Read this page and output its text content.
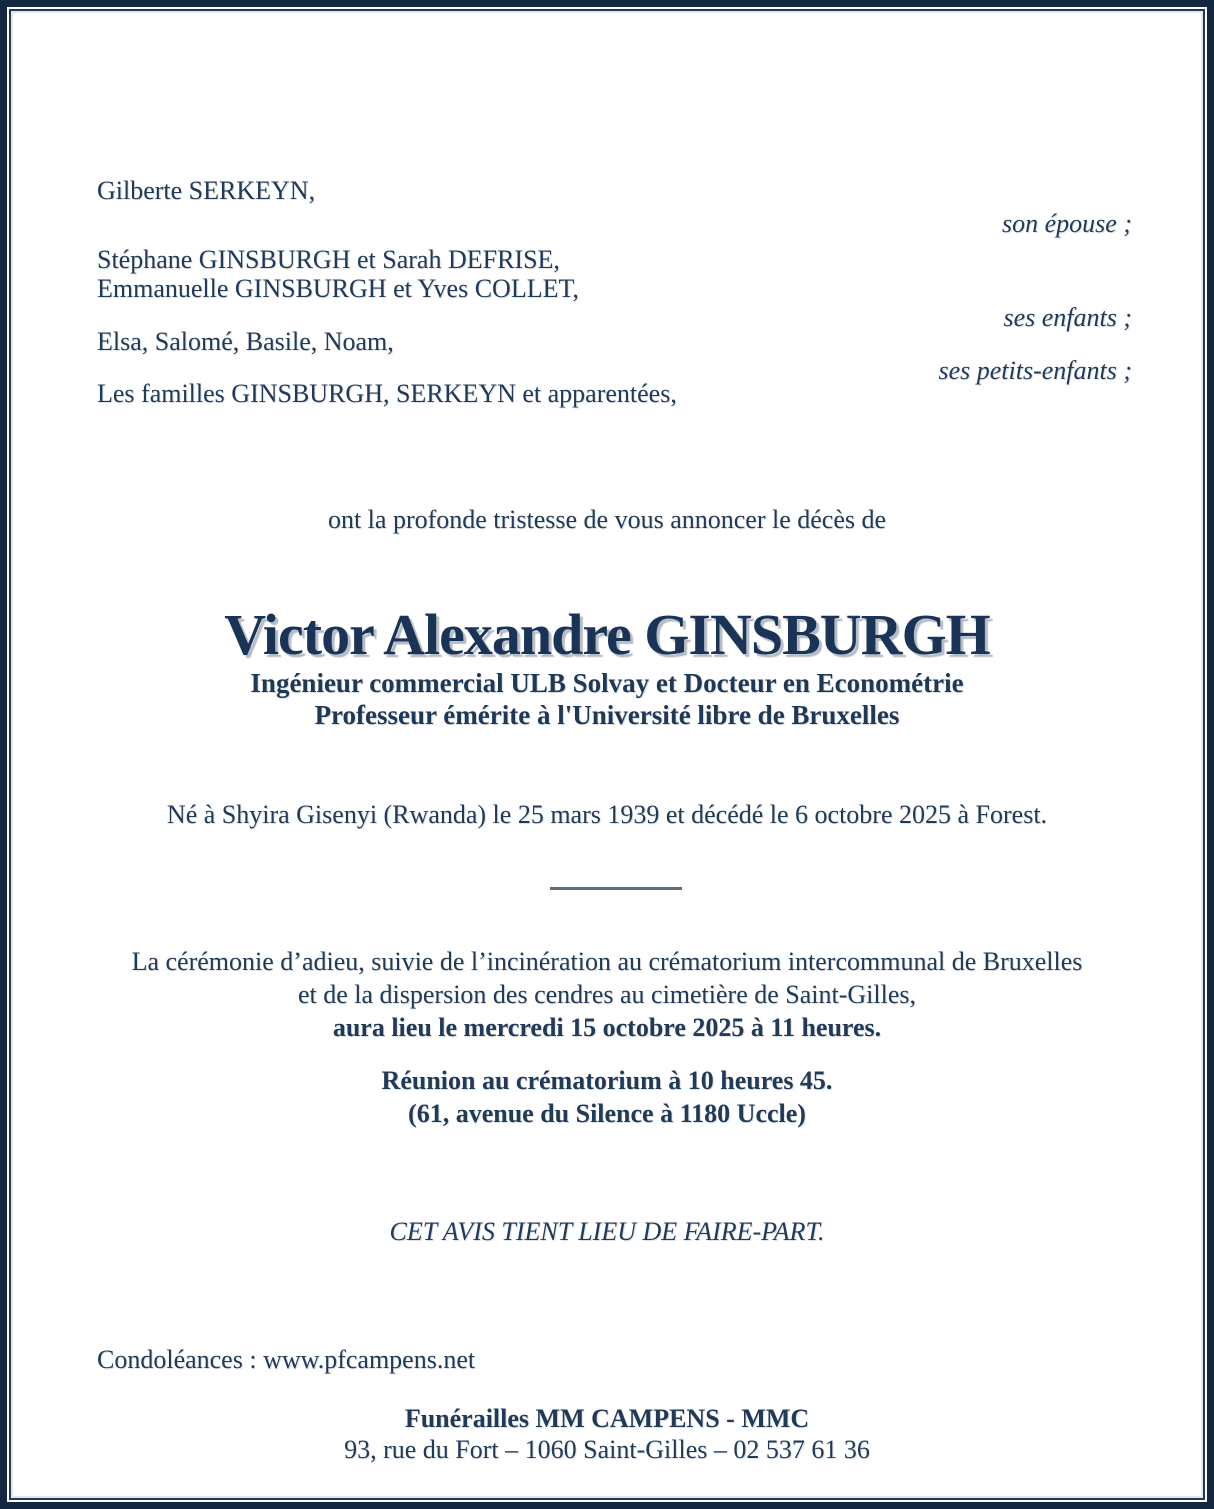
Gilberte SERKEYN,
son épouse ;
Stéphane GINSBURGH et Sarah DEFRISE,
Emmanuelle GINSBURGH et Yves COLLET,
ses enfants ;
Elsa, Salomé, Basile, Noam,
ses petits-enfants ;
Les familles GINSBURGH, SERKEYN et apparentées,
ont la profonde tristesse de vous annoncer le décès de
Victor Alexandre GINSBURGH
Ingénieur commercial ULB Solvay et Docteur en Econométrie
Professeur émérite à l'Université libre de Bruxelles
Né à Shyira Gisenyi (Rwanda) le 25 mars 1939 et décédé le 6 octobre 2025 à Forest.
La cérémonie d’adieu, suivie de l’incinération au crématorium intercommunal de Bruxelles
et de la dispersion des cendres au cimetière de Saint-Gilles,
aura lieu le mercredi 15 octobre 2025 à 11 heures.
Réunion au crématorium à 10 heures 45.
(61, avenue du Silence à 1180 Uccle)
CET AVIS TIENT LIEU DE FAIRE-PART.
Condoléances : www.pfcampens.net
Funérailles MM CAMPENS - MMC
93, rue du Fort – 1060 Saint-Gilles – 02 537 61 36
